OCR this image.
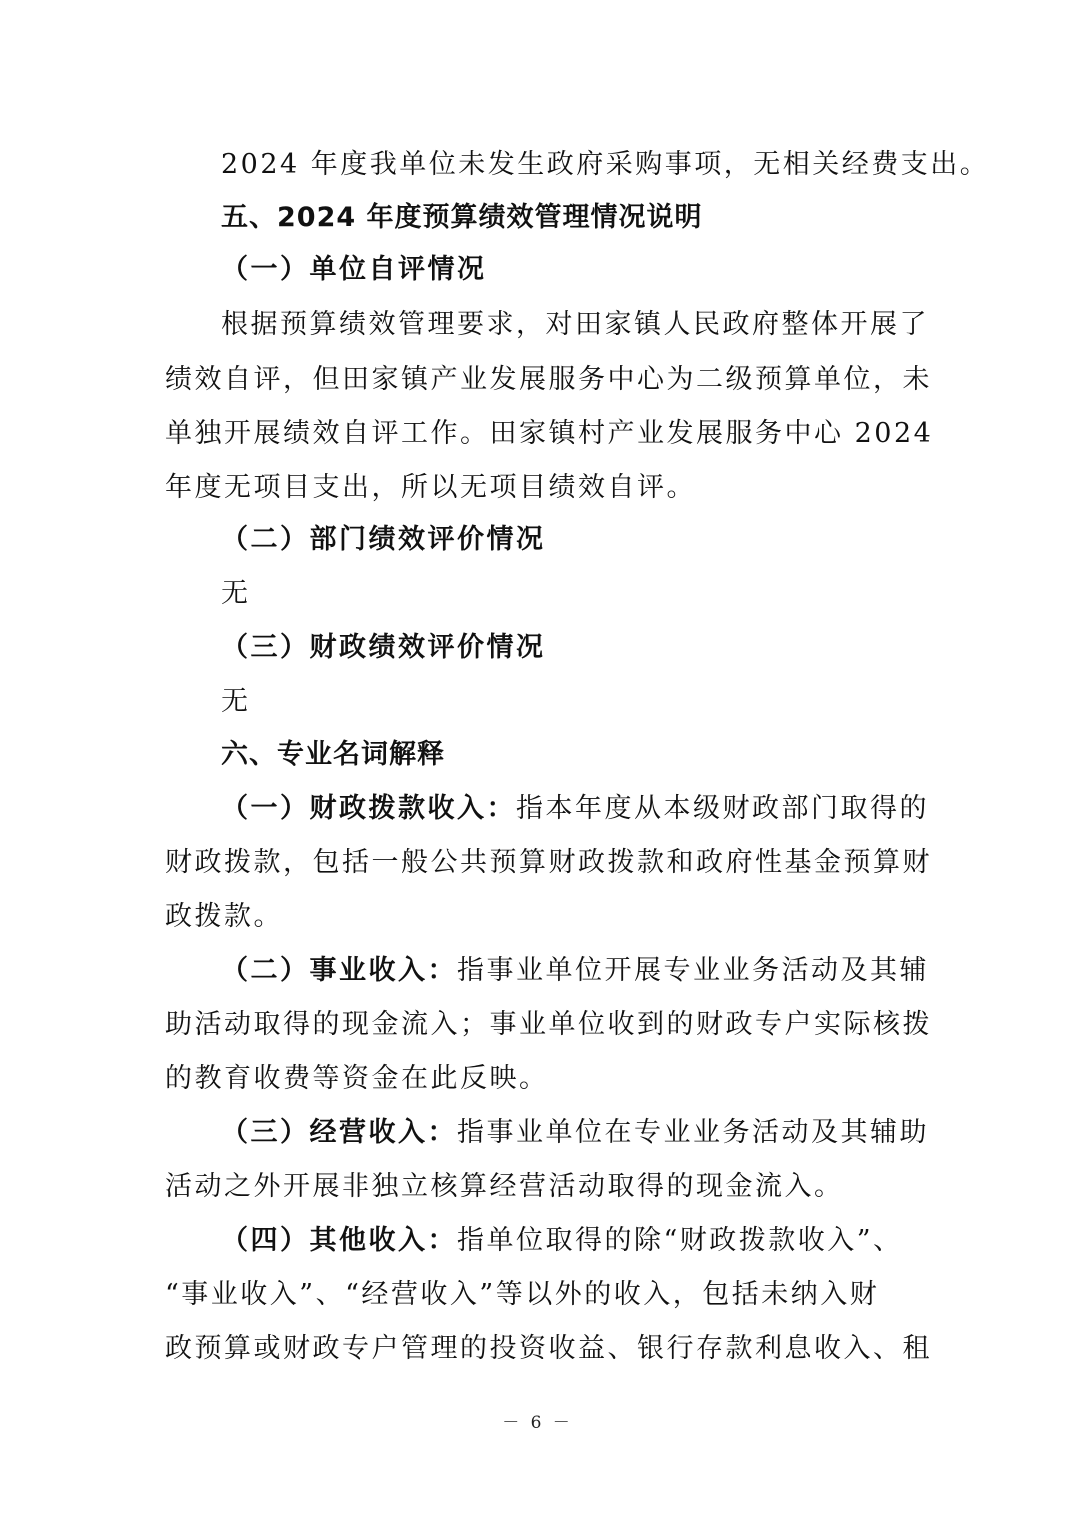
2024 年度我单位未发生政府采购事项，无相关经费支出。
五、2024 年度预算绩效管理情况说明
（一）单位自评情况
根据预算绩效管理要求，对田家镇人民政府整体开展了
绩效自评，但田家镇产业发展服务中心为二级预算单位，未
单独开展绩效自评工作。田家镇村产业发展服务中心 2024
年度无项目支出，所以无项目绩效自评。
（二）部门绩效评价情况
无
（三）财政绩效评价情况
无
六、专业名词解释
（一）财政拨款收入：指本年度从本级财政部门取得的
财政拨款，包括一般公共预算财政拨款和政府性基金预算财
政拨款。
（二）事业收入：指事业单位开展专业业务活动及其辅
助活动取得的现金流入；事业单位收到的财政专户实际核拨
的教育收费等资金在此反映。
（三）经营收入：指事业单位在专业业务活动及其辅助
活动之外开展非独立核算经营活动取得的现金流入。
（四）其他收入：指单位取得的除“财政拨款收入”、
“事业收入”、“经营收入”等以外的收入，包括未纳入财
政预算或财政专户管理的投资收益、银行存款利息收入、租
－ 6 －
